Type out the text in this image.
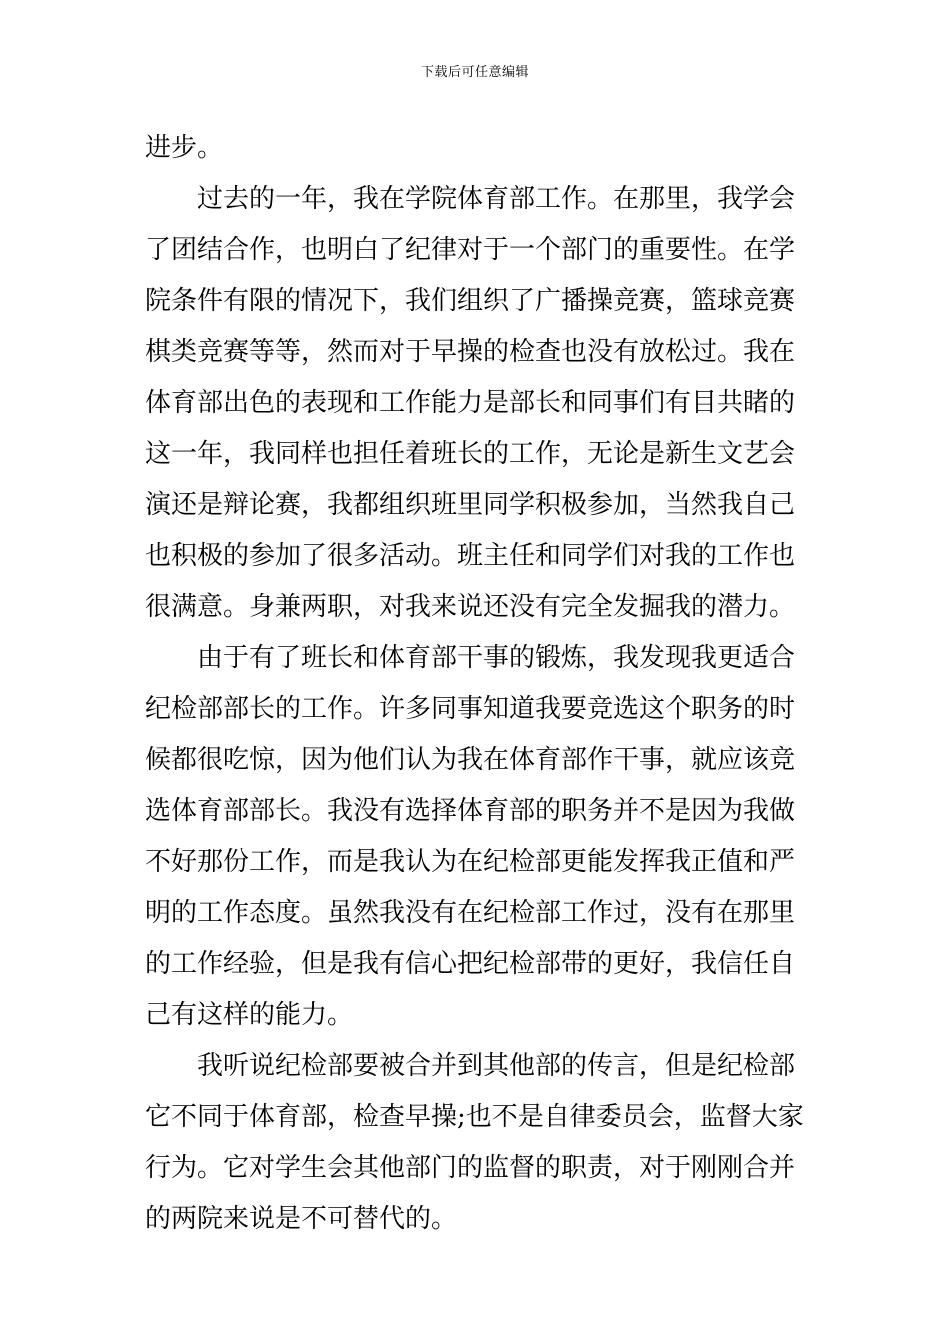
下载后可任意编辑
进步。
过去的一年，我在学院体育部工作。在那里，我学会
了团结合作，也明白了纪律对于一个部门的重要性。在学
院条件有限的情况下，我们组织了广播操竞赛，篮球竞赛
棋类竞赛等等，然而对于早操的检查也没有放松过。我在
体育部出色的表现和工作能力是部长和同事们有目共睹的
这一年，我同样也担任着班长的工作，无论是新生文艺会
演还是辩论赛，我都组织班里同学积极参加，当然我自己
也积极的参加了很多活动。班主任和同学们对我的工作也
很满意。身兼两职，对我来说还没有完全发掘我的潜力。
由于有了班长和体育部干事的锻炼，我发现我更适合
纪检部部长的工作。许多同事知道我要竞选这个职务的时
候都很吃惊，因为他们认为我在体育部作干事，就应该竞
选体育部部长。我没有选择体育部的职务并不是因为我做
不好那份工作，而是我认为在纪检部更能发挥我正值和严
明的工作态度。虽然我没有在纪检部工作过，没有在那里
的工作经验，但是我有信心把纪检部带的更好，我信任自
己有这样的能力。
我听说纪检部要被合并到其他部的传言，但是纪检部
它不同于体育部，检查早操;也不是自律委员会，监督大家
行为。它对学生会其他部门的监督的职责，对于刚刚合并
的两院来说是不可替代的。
